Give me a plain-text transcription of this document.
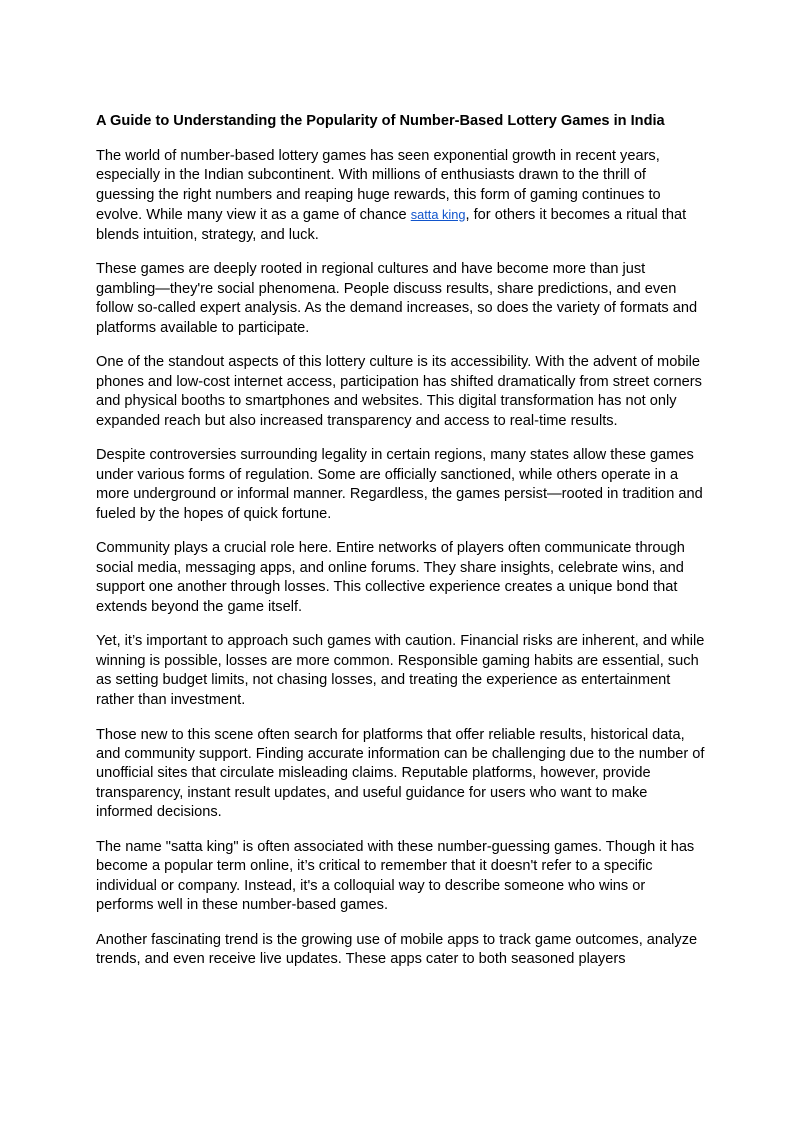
A Guide to Understanding the Popularity of Number-Based Lottery Games in India

The world of number-based lottery games has seen exponential growth in recent years, especially in the Indian subcontinent. With millions of enthusiasts drawn to the thrill of guessing the right numbers and reaping huge rewards, this form of gaming continues to evolve. While many view it as a game of chance satta king, for others it becomes a ritual that blends intuition, strategy, and luck.

These games are deeply rooted in regional cultures and have become more than just gambling—they're social phenomena. People discuss results, share predictions, and even follow so-called expert analysis. As the demand increases, so does the variety of formats and platforms available to participate.

One of the standout aspects of this lottery culture is its accessibility. With the advent of mobile phones and low-cost internet access, participation has shifted dramatically from street corners and physical booths to smartphones and websites. This digital transformation has not only expanded reach but also increased transparency and access to real-time results.

Despite controversies surrounding legality in certain regions, many states allow these games under various forms of regulation. Some are officially sanctioned, while others operate in a more underground or informal manner. Regardless, the games persist—rooted in tradition and fueled by the hopes of quick fortune.

Community plays a crucial role here. Entire networks of players often communicate through social media, messaging apps, and online forums. They share insights, celebrate wins, and support one another through losses. This collective experience creates a unique bond that extends beyond the game itself.

Yet, it’s important to approach such games with caution. Financial risks are inherent, and while winning is possible, losses are more common. Responsible gaming habits are essential, such as setting budget limits, not chasing losses, and treating the experience as entertainment rather than investment.

Those new to this scene often search for platforms that offer reliable results, historical data, and community support. Finding accurate information can be challenging due to the number of unofficial sites that circulate misleading claims. Reputable platforms, however, provide transparency, instant result updates, and useful guidance for users who want to make informed decisions.

The name "satta king" is often associated with these number-guessing games. Though it has become a popular term online, it’s critical to remember that it doesn't refer to a specific individual or company. Instead, it's a colloquial way to describe someone who wins or performs well in these number-based games.

Another fascinating trend is the growing use of mobile apps to track game outcomes, analyze trends, and even receive live updates. These apps cater to both seasoned players
